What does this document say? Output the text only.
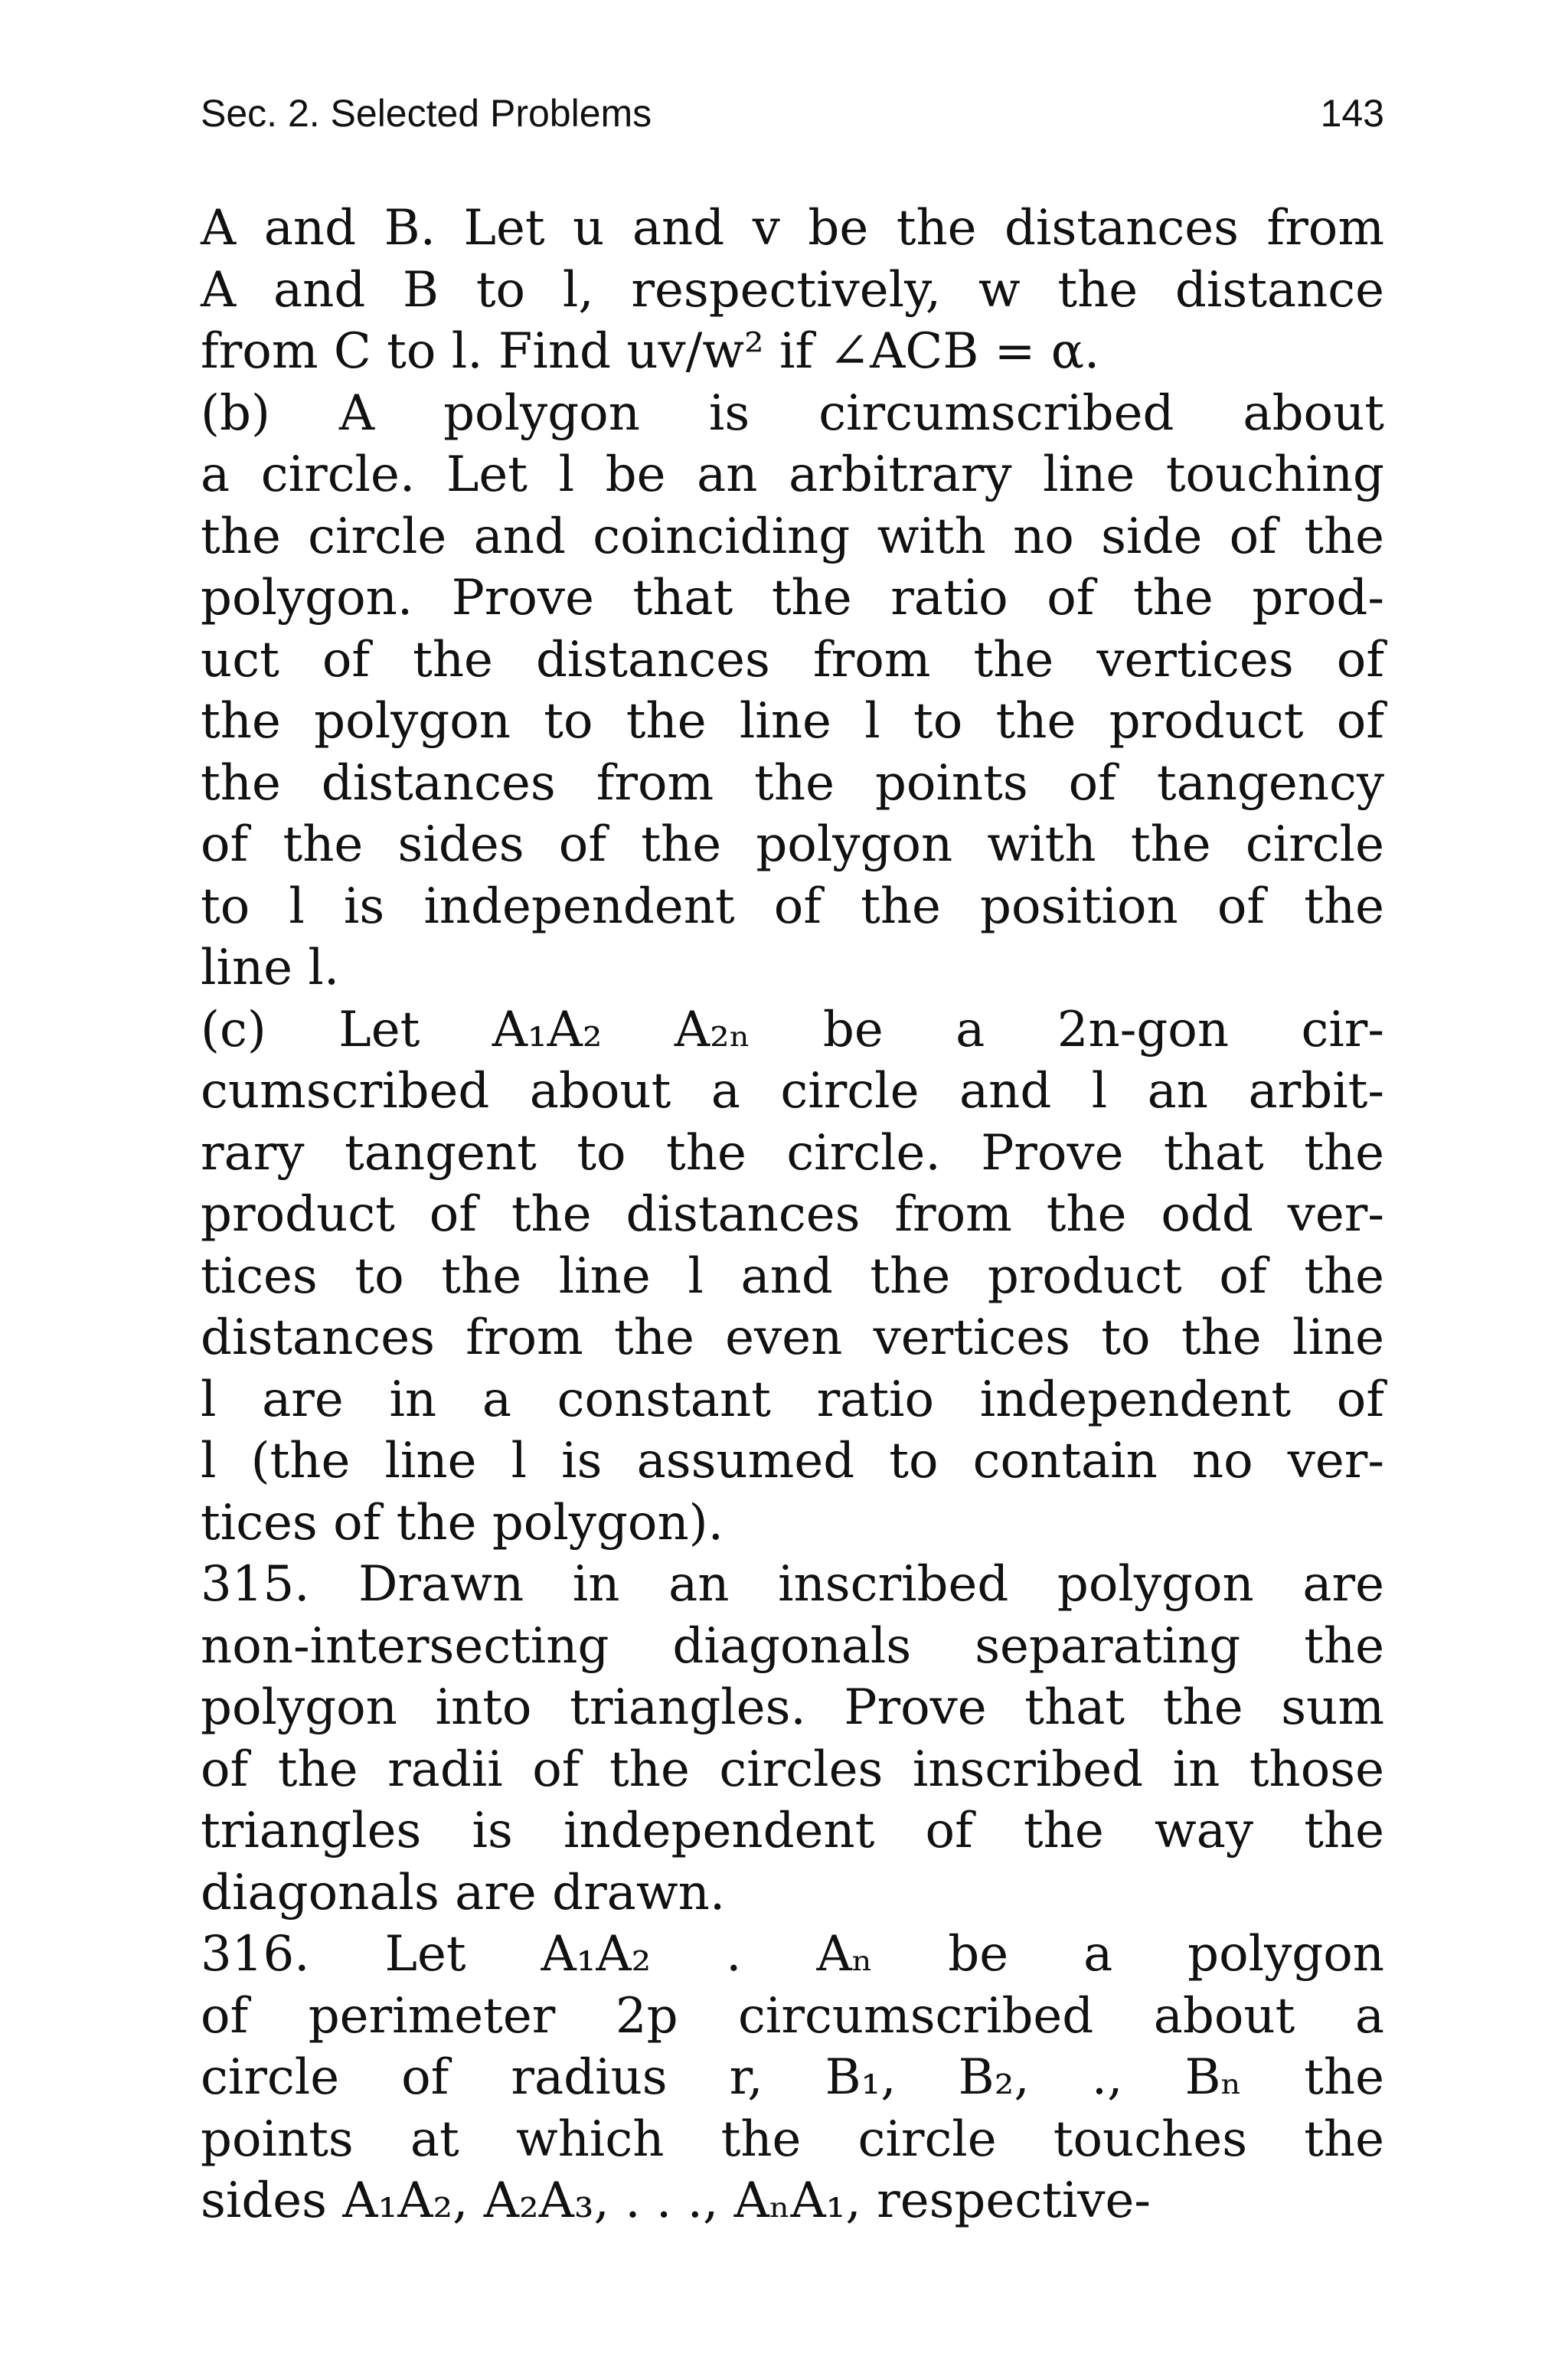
Sec. 2. Selected Problems	143
A and B. Let u and v be the distances from
A and B to l, respectively, w the distance
from C to l. Find uv/w² if ∠ACB = α.
(b) A polygon is circumscribed about
a circle. Let l be an arbitrary line touching
the circle and coinciding with no side of the
polygon. Prove that the ratio of the prod-
uct of the distances from the vertices of
the polygon to the line l to the product of
the distances from the points of tangency
of the sides of the polygon with the circle
to l is independent of the position of the
line l.
(c) Let A₁A₂ A₂ₙ be a 2n-gon cir-
cumscribed about a circle and l an arbit-
rary tangent to the circle. Prove that the
product of the distances from the odd ver-
tices to the line l and the product of the
distances from the even vertices to the line
l are in a constant ratio independent of
l (the line l is assumed to contain no ver-
tices of the polygon).
315. Drawn in an inscribed polygon are
non-intersecting diagonals separating the
polygon into triangles. Prove that the sum
of the radii of the circles inscribed in those
triangles is independent of the way the
diagonals are drawn.
316. Let A₁A₂ . Aₙ be a polygon
of perimeter 2p circumscribed about a
circle of radius r, B₁, B₂, ., Bₙ the
points at which the circle touches the
sides A₁A₂, A₂A₃, . . ., AₙA₁, respective-
